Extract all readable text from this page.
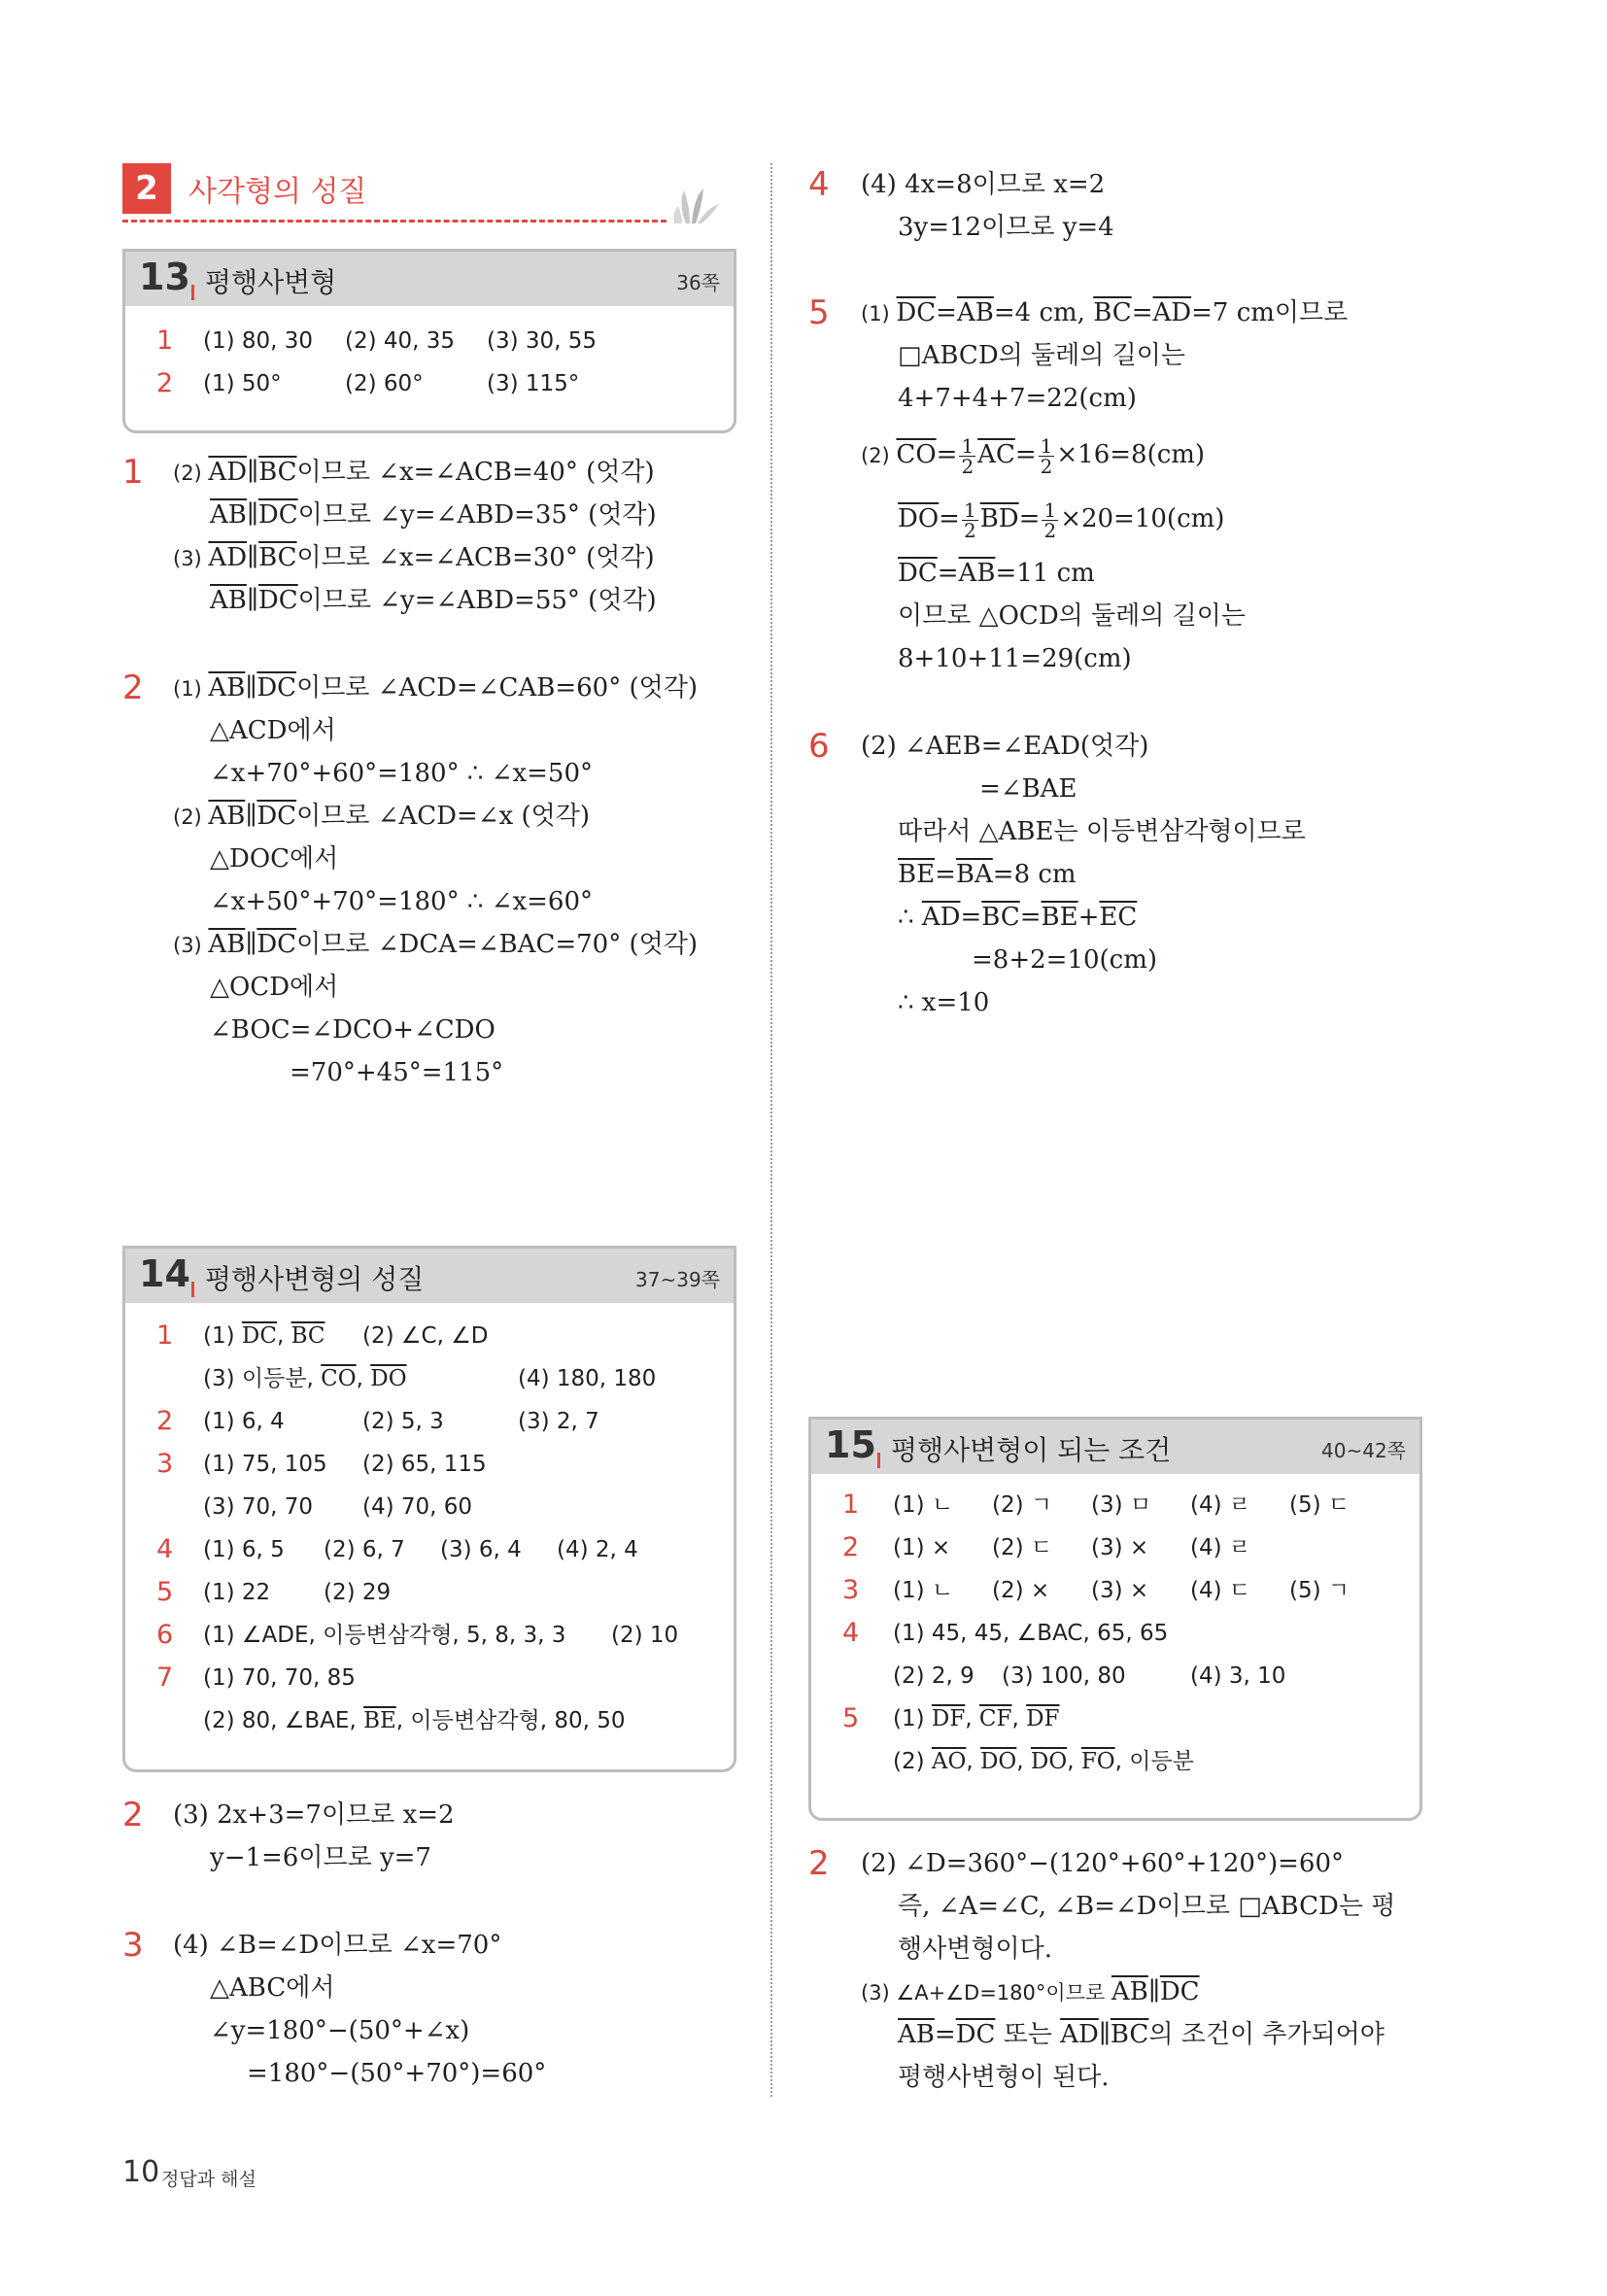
2	사각형의 성질
13 평행사변형	36쪽
1 (1) 80, 30 (2) 40, 35 (3) 30, 55
2 (1) 50°	(2) 60°	(3) 115°
1 (2) $\overline{AD}\parallel\overline{BC}$이므로 ∠x=∠ACB=40° (엇각)
$\overline{AB}\parallel\overline{DC}$이므로 ∠y=∠ABD=35° (엇각)
(3) $\overline{AD}\parallel\overline{BC}$이므로 ∠x=∠ACB=30° (엇각)
$\overline{AB}\parallel\overline{DC}$이므로 ∠y=∠ABD=55° (엇각)
2 (1) $\overline{AB}\parallel\overline{DC}$이므로 ∠ACD=∠CAB=60° (엇각)
△ACD에서
∠x+70°+60°=180° ∴ ∠x=50°
(2) $\overline{AB}\parallel\overline{DC}$이므로 ∠ACD=∠x (엇각)
△DOC에서
∠x+50°+70°=180° ∴ ∠x=60°
(3) $\overline{AB}\parallel\overline{DC}$이므로 ∠DCA=∠BAC=70° (엇각)
△OCD에서
∠BOC=∠DCO+∠CDO
=70°+45°=115°
14 평행사변형의 성질	37~39쪽
1 (1) $\overline{DC}$, $\overline{BC}$ (2) ∠C, ∠D
(3) 이등분, $\overline{CO}$, $\overline{DO}$	(4) 180, 180
2 (1) 6, 4	(2) 5, 3	(3) 2, 7
3 (1) 75, 105 (2) 65, 115
(3) 70, 70 (4) 70, 60
4 (1) 6, 5 (2) 6, 7 (3) 6, 4 (4) 2, 4
5 (1) 22 (2) 29
6 (1) ∠ADE, 이등변삼각형, 5, 8, 3, 3 (2) 10
7 (1) 70, 70, 85
(2) 80, ∠BAE, $\overline{BE}$, 이등변삼각형, 80, 50
2 (3) 2x+3=7이므로 x=2
y−1=6이므로 y=7
3 (4) ∠B=∠D이므로 ∠x=70°
△ABC에서
∠y=180°−(50°+∠x)
=180°−(50°+70°)=60°
4 (4) 4x=8이므로 x=2
3y=12이므로 y=4
5 (1) $\overline{DC}=\overline{AB}=4$ cm, $\overline{BC}=\overline{AD}=7$ cm이므로
□ABCD의 둘레의 길이는
4+7+4+7=22(cm)
(2) $\overline{CO}= \frac{1}{2} \overline{AC}= \frac{1}{2} \times 16=8(cm)$
$\overline{DO}= \frac{1}{2} \overline{BD}= \frac{1}{2} \times 20=10(cm)$
$\overline{DC}=\overline{AB}=11$ cm
이므로 △OCD의 둘레의 길이는
8+10+11=29(cm)
6 (2) ∠AEB=∠EAD(엇각)
=∠BAE
따라서 △ABE는 이등변삼각형이므로
$\overline{BE}=\overline{BA}=8$ cm
∴ $\overline{AD}=\overline{BC}=\overline{BE}+\overline{EC}$
=8+2=10(cm)
∴ x=10
15 평행사변형이 되는 조건	40~42쪽
1 (1) ㄴ (2) ㄱ (3) ㅁ (4) ㄹ (5) ㄷ
2 (1) × (2) ㄷ (3) × (4) ㄹ
3 (1) ㄴ (2) × (3) × (4) ㄷ (5) ㄱ
4 (1) 45, 45, ∠BAC, 65, 65
(2) 2, 9 (3) 100, 80	(4) 3, 10
5 (1) $\overline{DF}$, $\overline{CF}$, $\overline{DF}$
(2) $\overline{AO}$, $\overline{DO}$, $\overline{DO}$, $\overline{FO}$, 이등분
2 (2) ∠D=360°−(120°+60°+120°)=60°
즉, ∠A=∠C, ∠B=∠D이므로 □ABCD는 평
행사변형이다.
(3) ∠A+∠D=180°이므로 $\overline{AB}\parallel\overline{DC}$
$\overline{AB}=\overline{DC}$ 또는 $\overline{AD}\parallel\overline{BC}$의 조건이 추가되어야
평행사변형이 된다.
10 정답과 해설
